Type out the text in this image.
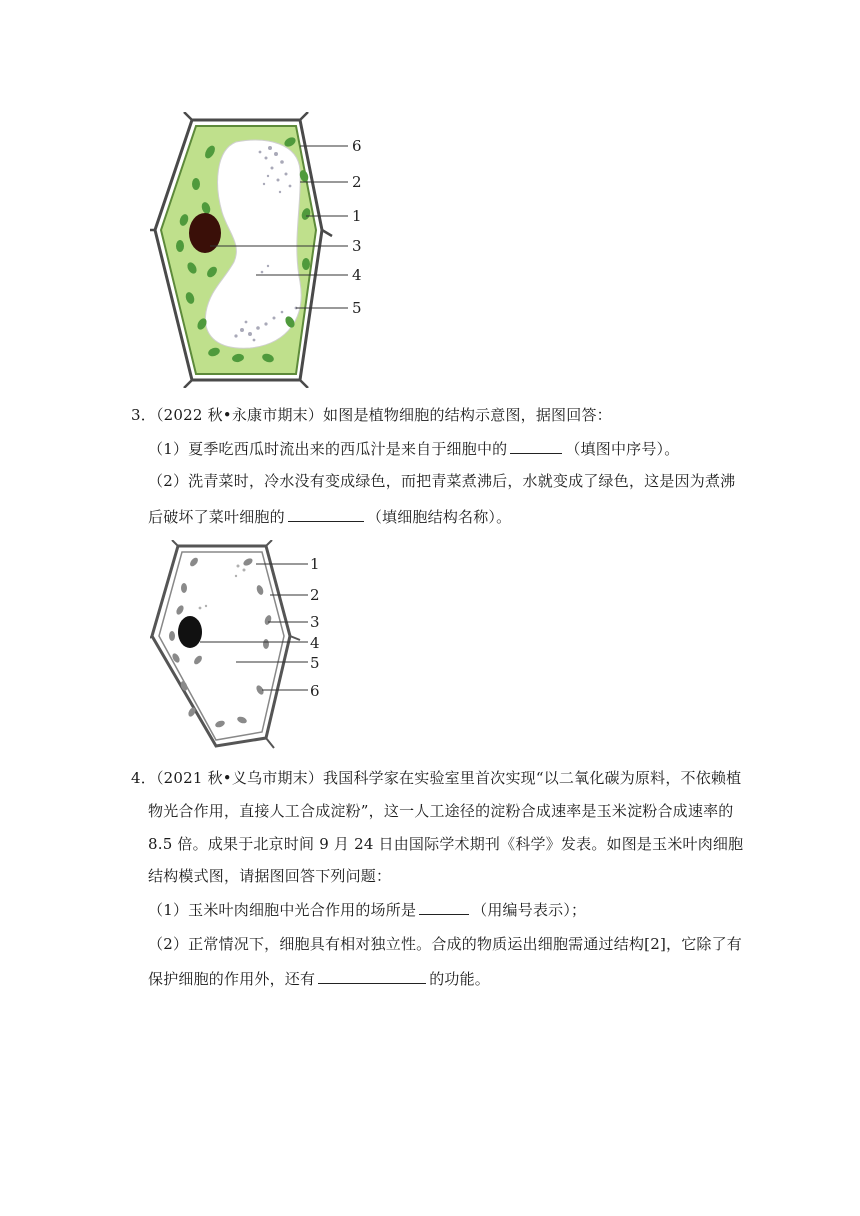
6
2
1
3
4
5
3．（2022 秋•永康市期末）如图是植物细胞的结构示意图，据图回答：
（1）夏季吃西瓜时流出来的西瓜汁是来自于细胞中的	（填图中序号）。
（2）洗青菜时，冷水没有变成绿色，而把青菜煮沸后，水就变成了绿色，这是因为煮沸
后破坏了菜叶细胞的	（填细胞结构名称）。
1
2
3
4
5
6
4．（2021 秋•义乌市期末）我国科学家在实验室里首次实现“以二氧化碳为原料，不依赖植
物光合作用，直接人工合成淀粉”，这一人工途径的淀粉合成速率是玉米淀粉合成速率的
8.5 倍。成果于北京时间 9 月 24 日由国际学术期刊《科学》发表。如图是玉米叶肉细胞
结构模式图，请据图回答下列问题：
（1）玉米叶肉细胞中光合作用的场所是	（用编号表示）；
（2）正常情况下，细胞具有相对独立性。合成的物质运出细胞需通过结构[2]，它除了有
保护细胞的作用外，还有	的功能。
